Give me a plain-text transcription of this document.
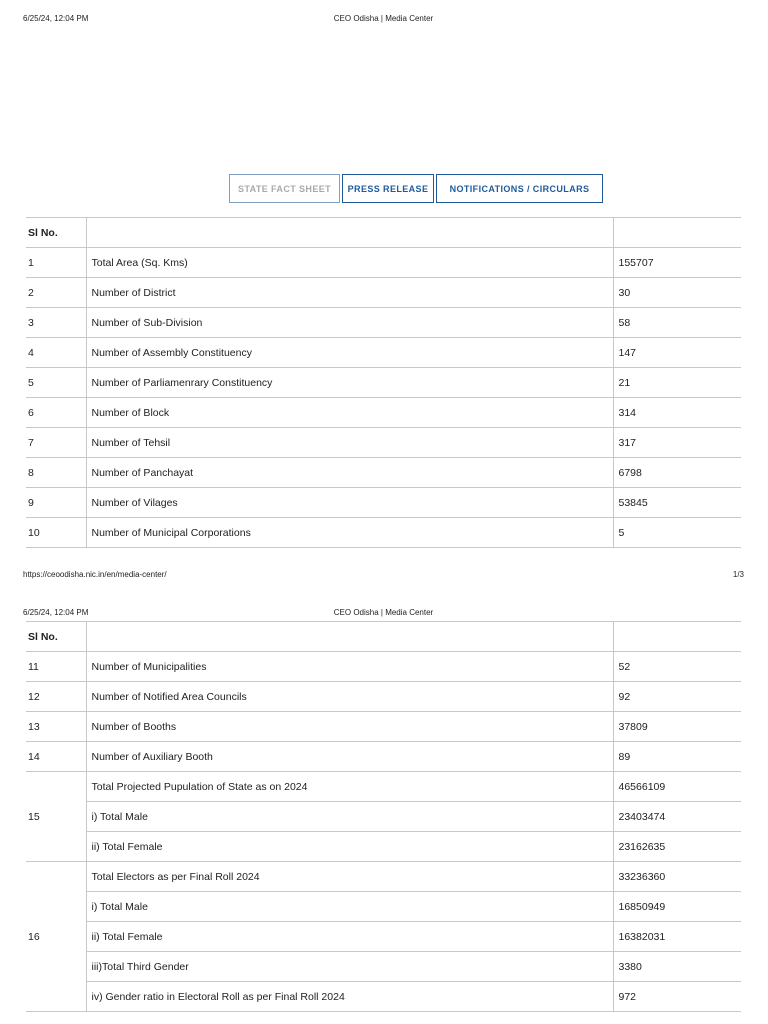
6/25/24, 12:04 PM	CEO Odisha | Media Center
STATE FACT SHEET	PRESS RELEASE	NOTIFICATIONS / CIRCULARS
Sl No.		
1	Total Area (Sq. Kms)	155707
2	Number of District	30
3	Number of Sub-Division	58
4	Number of Assembly Constituency	147
5	Number of Parliamenrary Constituency	21
6	Number of Block	314
7	Number of Tehsil	317
8	Number of Panchayat	6798
9	Number of Vilages	53845
10	Number of Municipal Corporations	5
https://ceoodisha.nic.in/en/media-center/	1/3
6/25/24, 12:04 PM	CEO Odisha | Media Center
Sl No.		
11	Number of Municipalities	52
12	Number of Notified Area Councils	92
13	Number of Booths	37809
14	Number of Auxiliary Booth	89
15	Total Projected Pupulation of State as on 2024	46566109
	i) Total Male	23403474
	ii) Total Female	23162635
16	Total Electors as per Final Roll 2024	33236360
	i) Total Male	16850949
	ii) Total Female	16382031
	iii)Total Third Gender	3380
	iv) Gender ratio in Electoral Roll as per Final Roll 2024	972
